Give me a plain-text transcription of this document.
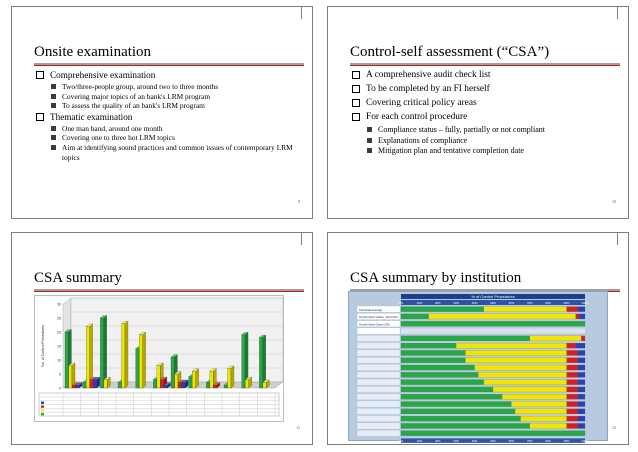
Onsite examination
Comprehensive examination
Two/three-people group, around two to three months
Covering major topics of an bank's LRM program
To assess the quality of an bank's LRM program
Thematic examination
One man band, around one month
Covering one to three hot LRM topics
Aim at identifying sound practices and common issues of contemporary LRM topics
9
Control-self assessment (“CSA”)
A comprehensive audit check list
To be completed by an FI herself
Covering critical policy areas
For each control procedure
Compliance status – fully, partially or not compliant
Explanations of compliance
Mitigation plan and tentative completion date
10
CSA summary
0
5
10
15
20
25
30
No. of Control Procedures
11
CSA summary by institution
% of Control Procedures
0%	10%	20%	30%	40%	50%	60%	70%	80%	90%	100%
Industrial Average
AI with Most Yellow - Red CPs
AI with Most Green CPs
0%	10%	20%	30%	40%	50%	60%	70%	80%	90%	100%
12
